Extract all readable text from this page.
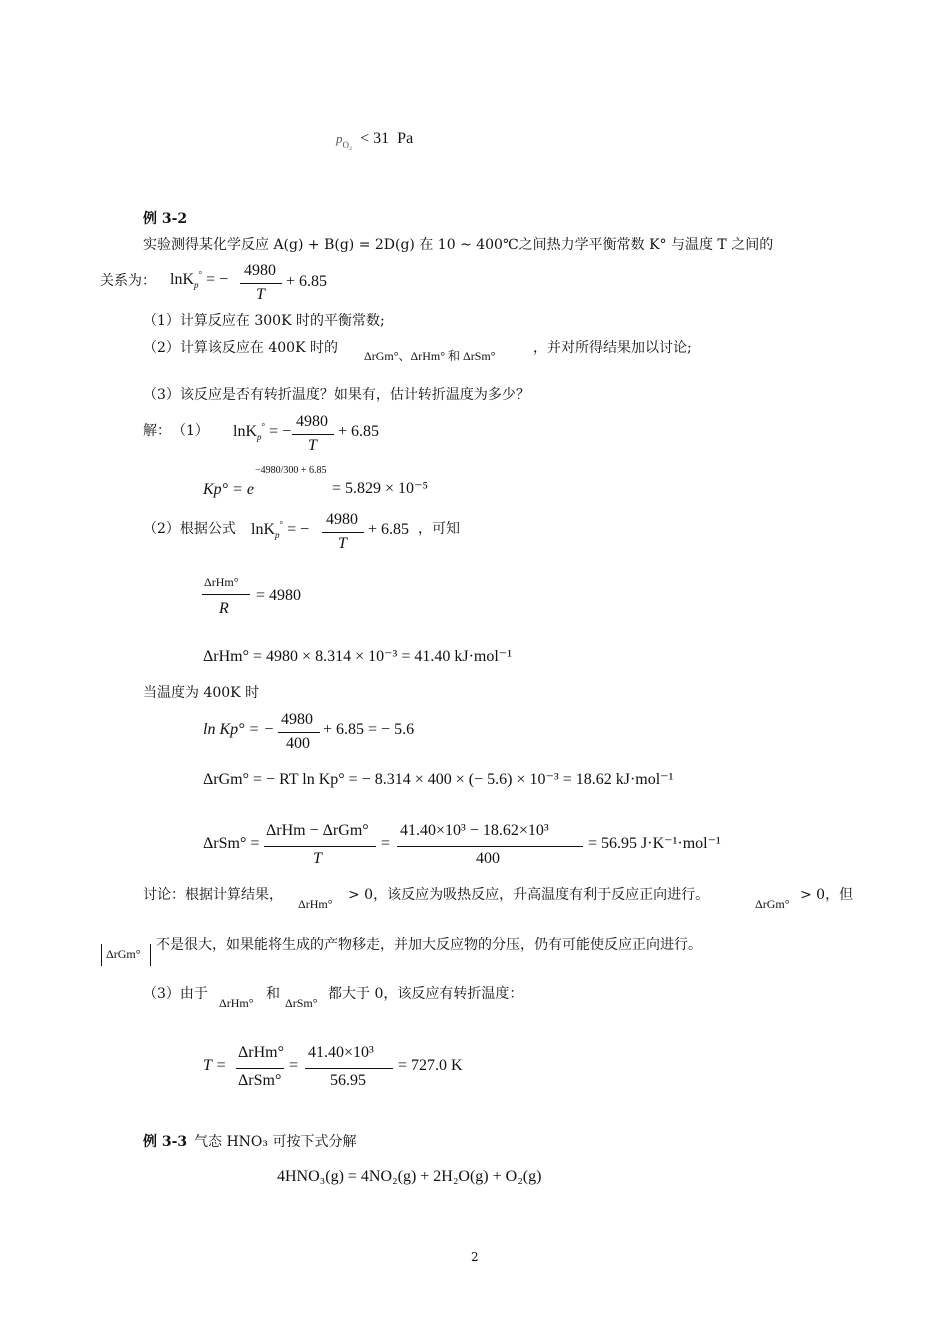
$p_{O_2} < 31$  Pa
例 3-2
实验测得某化学反应 A(g) + B(g) = 2D(g) 在 10 ~ 400℃之间热力学平衡常数 K° 与温度 T 之间的
关系为： lnK$_p$° = −
4980
T
+ 6.85
（1）计算反应在 300K 时的平衡常数;
（2）计算该反应在 400K 时的 ΔrGm°、ΔrHm° 和 ΔrSm°	，并对所得结果加以讨论;
（3）该反应是否有转折温度？如果有，估计转折温度为多少？
解： （1） lnK$_p$° = −
4980
T
+ 6.85
Kp° = e
−4980/300 + 6.85
= 5.829 × 10⁻⁵
（2）根据公式 lnK$_p$° = −
4980
T
+ 6.85 ，可知
ΔrHm°
R
= 4980
ΔrHm° = 4980 × 8.314 × 10⁻³ = 41.40 kJ·mol⁻¹
当温度为 400K 时
ln Kp° = −
4980
400
+ 6.85 = − 5.6
ΔrGm° = − RT ln Kp° = − 8.314 × 400 × (− 5.6) × 10⁻³ = 18.62 kJ·mol⁻¹
ΔrSm° =
ΔrHm − ΔrGm°
T
=
41.40×10³ − 18.62×10³
400
= 56.95 J·K⁻¹·mol⁻¹
讨论：根据计算结果，
ΔrHm°
> 0，该反应为吸热反应，升高温度有利于反应正向进行。
ΔrGm°
> 0，但
ΔrGm°
不是很大，如果能将生成的产物移走，并加大反应物的分压，仍有可能使反应正向进行。
（3）由于
ΔrHm°
和
ΔrSm°
都大于 0，该反应有转折温度：
T =
ΔrHm°
ΔrSm°
=
41.40×10³
56.95
= 727.0 K
例 3-3 气态 HNO₃ 可按下式分解
4HNO₃(g) = 4NO₂(g) + 2H₂O(g) + O₂(g)
2
